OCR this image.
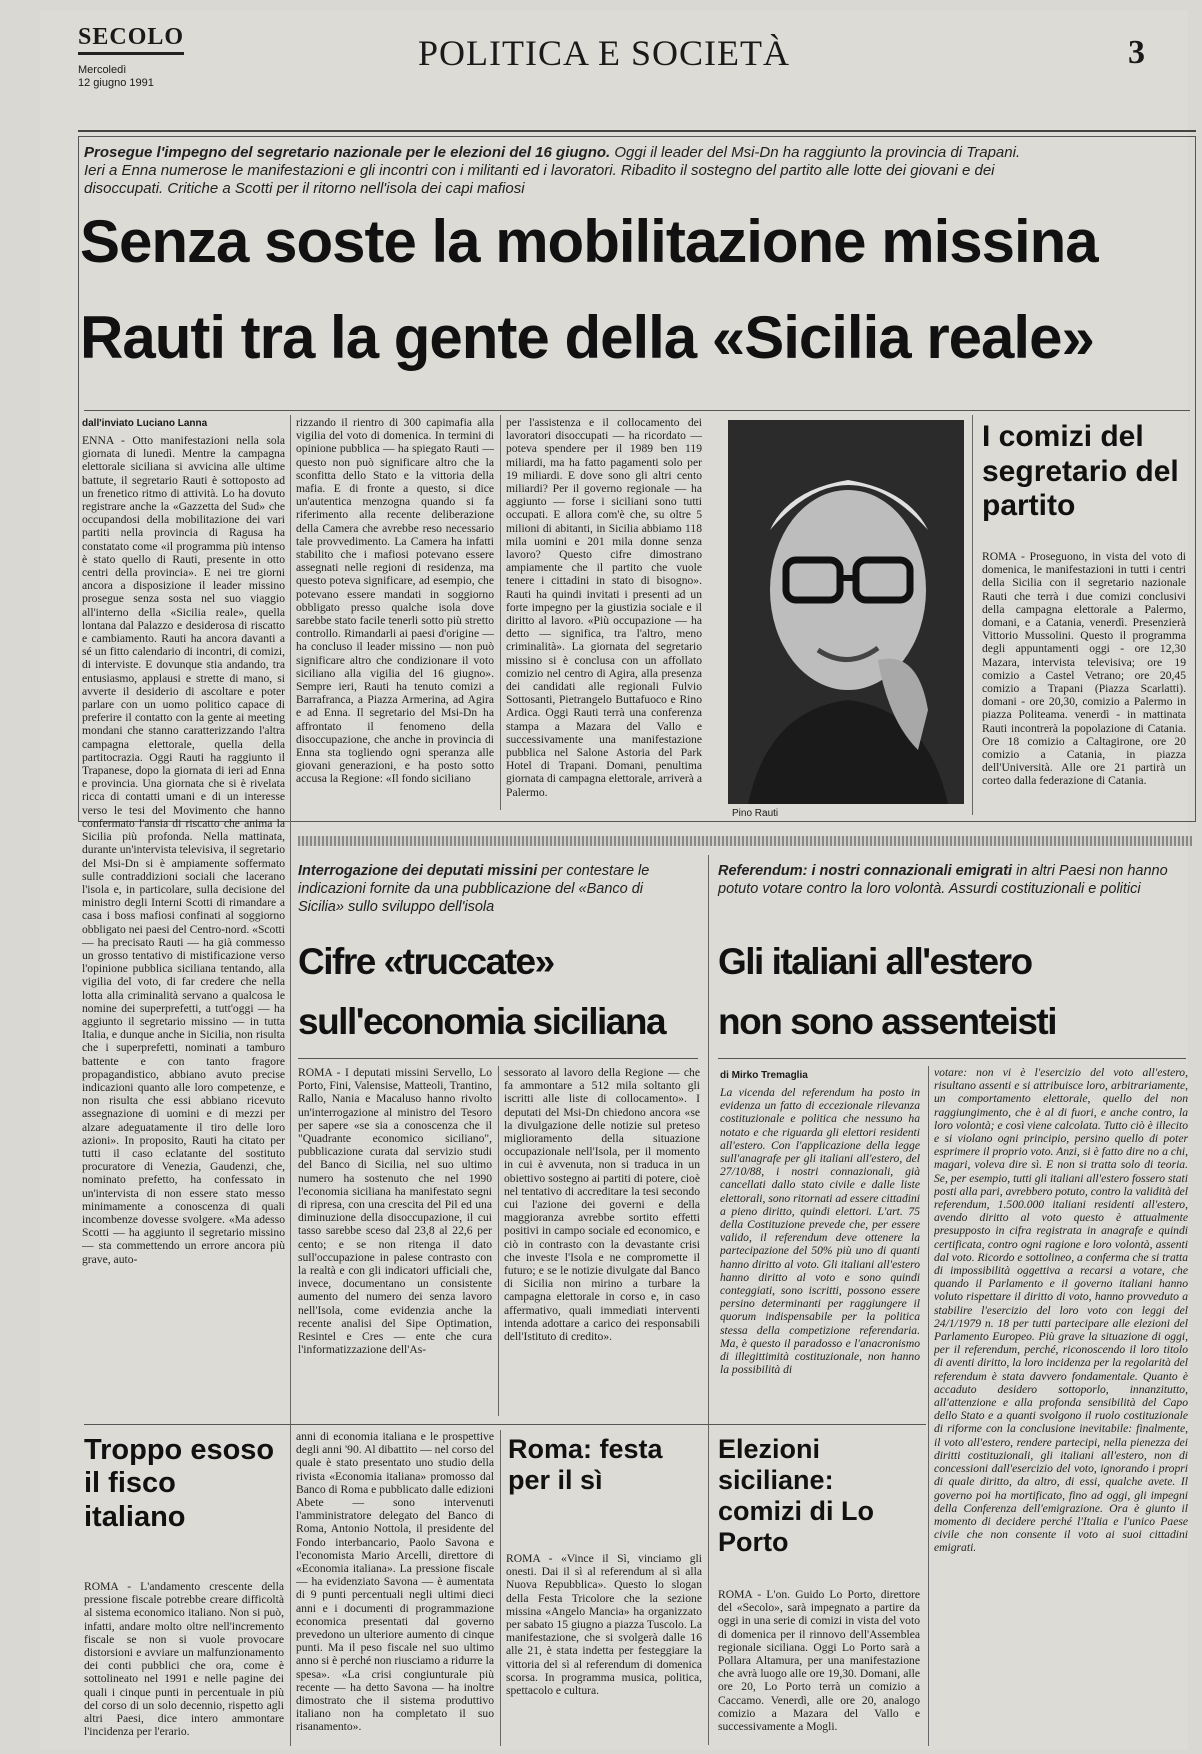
SECOLO
Mercoledì
12 giugno 1991
POLITICA E SOCIETÀ	3
Prosegue l'impegno del segretario nazionale per le elezioni del 16 giugno. Oggi il leader del Msi-Dn ha raggiunto la provincia di Trapani. Ieri a Enna numerose le manifestazioni e gli incontri con i militanti ed i lavoratori. Ribadito il sostegno del partito alle lotte dei giovani e dei disoccupati. Critiche a Scotti per il ritorno nell'isola dei capi mafiosi
Senza soste la mobilitazione missina
Rauti tra la gente della «Sicilia reale»
dall'inviato Luciano Lanna
ENNA - Otto manifestazioni nella sola giornata di lunedì. Mentre la campagna elettorale siciliana si avvicina alle ultime battute, il segretario Rauti è sottoposto ad un frenetico ritmo di attività. Lo ha dovuto registrare anche la «Gazzetta del Sud» che occupandosi della mobilitazione dei vari partiti nella provincia di Ragusa ha constatato come «il programma più intenso è stato quello di Rauti, presente in otto centri della provincia». E nei tre giorni ancora a disposizione il leader missino prosegue senza sosta nel suo viaggio all'interno della «Sicilia reale», quella lontana dal Palazzo e desiderosa di riscatto e cambiamento. Rauti ha ancora davanti a sé un fitto calendario di incontri, di comizi, di interviste. E dovunque stia andando, tra entusiasmo, applausi e strette di mano, si avverte il desiderio di ascoltare e poter parlare con un uomo politico capace di preferire il contatto con la gente ai meeting mondani che stanno caratterizzando l'altra campagna elettorale, quella della partitocrazia. Oggi Rauti ha raggiunto il Trapanese, dopo la giornata di ieri ad Enna e provincia. Una giornata che si è rivelata ricca di contatti umani e di un interesse verso le tesi del Movimento che hanno confermato l'ansia di riscatto che anima la Sicilia più profonda. Nella mattinata, durante un'intervista televisiva, il segretario del Msi-Dn si è ampiamente soffermato sulle contraddizioni sociali che lacerano l'isola e, in particolare, sulla decisione del ministro degli Interni Scotti di rimandare a casa i boss mafiosi confinati al soggiorno obbligato nei paesi del Centro-nord. «Scotti — ha precisato Rauti — ha già commesso un grosso tentativo di mistificazione verso l'opinione pubblica siciliana tentando, alla vigilia del voto, di far credere che nella lotta alla criminalità servano a qualcosa le nomine dei superprefetti, a tutt'oggi — ha aggiunto il segretario missino — in tutta Italia, e dunque anche in Sicilia, non risulta che i superprefetti, nominati a tamburo battente e con tanto fragore propagandistico, abbiano avuto precise indicazioni quanto alle loro competenze, e non risulta che essi abbiano ricevuto assegnazione di uomini e di mezzi per alzare adeguatamente il tiro delle loro azioni». In proposito, Rauti ha citato per tutti il caso eclatante del sostituto procuratore di Venezia, Gaudenzi, che, nominato prefetto, ha confessato in un'intervista di non essere stato messo minimamente a conoscenza di quali incombenze dovesse svolgere. «Ma adesso Scotti — ha aggiunto il segretario missino — sta commettendo un errore ancora più grave, auto-
rizzando il rientro di 300 capimafia alla vigilia del voto di domenica. In termini di opinione pubblica — ha spiegato Rauti — questo non può significare altro che la sconfitta dello Stato e la vittoria della mafia. E di fronte a questo, si dice un'autentica menzogna quando si fa riferimento alla recente deliberazione della Camera che avrebbe reso necessario tale provvedimento. La Camera ha infatti stabilito che i mafiosi potevano essere assegnati nelle regioni di residenza, ma questo poteva significare, ad esempio, che potevano essere mandati in soggiorno obbligato presso qualche isola dove sarebbe stato facile tenerli sotto più stretto controllo. Rimandarli ai paesi d'origine — ha concluso il leader missino — non può significare altro che condizionare il voto siciliano alla vigilia del 16 giugno». Sempre ieri, Rauti ha tenuto comizi a Barrafranca, a Piazza Armerina, ad Agira e ad Enna. Il segretario del Msi-Dn ha affrontato il fenomeno della disoccupazione, che anche in provincia di Enna sta togliendo ogni speranza alle giovani generazioni, e ha posto sotto accusa la Regione: «Il fondo siciliano
per l'assistenza e il collocamento dei lavoratori disoccupati — ha ricordato — poteva spendere per il 1989 ben 119 miliardi, ma ha fatto pagamenti solo per 19 miliardi. E dove sono gli altri cento miliardi? Per il governo regionale — ha aggiunto — forse i siciliani sono tutti occupati. E allora com'è che, su oltre 5 milioni di abitanti, in Sicilia abbiamo 118 mila uomini e 201 mila donne senza lavoro? Questo cifre dimostrano ampiamente che il partito che vuole tenere i cittadini in stato di bisogno». Rauti ha quindi invitati i presenti ad un forte impegno per la giustizia sociale e il diritto al lavoro. «Più occupazione — ha detto — significa, tra l'altro, meno criminalità». La giornata del segretario missino si è conclusa con un affollato comizio nel centro di Agira, alla presenza dei candidati alle regionali Fulvio Sottosanti, Pietrangelo Buttafuoco e Rino Ardica. Oggi Rauti terrà una conferenza stampa a Mazara del Vallo e successivamente una manifestazione pubblica nel Salone Astoria del Park Hotel di Trapani. Domani, penultima giornata di campagna elettorale, arriverà a Palermo.
Pino Rauti
I comizi del segretario del partito
ROMA - Proseguono, in vista del voto di domenica, le manifestazioni in tutti i centri della Sicilia con il segretario nazionale Rauti che terrà i due comizi conclusivi della campagna elettorale a Palermo, domani, e a Catania, venerdì. Presenzierà Vittorio Mussolini. Questo il programma degli appuntamenti oggi - ore 12,30 Mazara, intervista televisiva; ore 19 comizio a Castel Vetrano; ore 20,45 comizio a Trapani (Piazza Scarlatti). domani - ore 20,30, comizio a Palermo in piazza Politeama. venerdì - in mattinata Rauti incontrerà la popolazione di Catania. Ore 18 comizio a Caltagirone, ore 20 comizio a Catania, in piazza dell'Università. Alle ore 21 partirà un corteo dalla federazione di Catania.
Interrogazione dei deputati missini per contestare le indicazioni fornite da una pubblicazione del «Banco di Sicilia» sullo sviluppo dell'isola
Cifre «truccate»
sull'economia siciliana
ROMA - I deputati missini Servello, Lo Porto, Fini, Valensise, Matteoli, Trantino, Rallo, Nania e Macaluso hanno rivolto un'interrogazione al ministro del Tesoro per sapere «se sia a conoscenza che il "Quadrante economico siciliano", pubblicazione curata dal servizio studi del Banco di Sicilia, nel suo ultimo numero ha sostenuto che nel 1990 l'economia siciliana ha manifestato segni di ripresa, con una crescita del Pil ed una diminuzione della disoccupazione, il cui tasso sarebbe sceso dal 23,8 al 22,6 per cento; e se non ritenga il dato sull'occupazione in palese contrasto con la realtà e con gli indicatori ufficiali che, invece, documentano un consistente aumento del numero dei senza lavoro nell'Isola, come evidenzia anche la recente analisi del Sipe Optimation, Resintel e Cres — ente che cura l'informatizzazione dell'As-
sessorato al lavoro della Regione — che fa ammontare a 512 mila soltanto gli iscritti alle liste di collocamento». I deputati del Msi-Dn chiedono ancora «se la divulgazione delle notizie sul preteso miglioramento della situazione occupazionale nell'Isola, per il momento in cui è avvenuta, non si traduca in un obiettivo sostegno ai partiti di potere, cioè nel tentativo di accreditare la tesi secondo cui l'azione dei governi e della maggioranza avrebbe sortito effetti positivi in campo sociale ed economico, e ciò in contrasto con la devastante crisi che investe l'Isola e ne compromette il futuro; e se le notizie divulgate dal Banco di Sicilia non mirino a turbare la campagna elettorale in corso e, in caso affermativo, quali immediati interventi intenda adottare a carico dei responsabili dell'Istituto di credito».
Referendum: i nostri connazionali emigrati in altri Paesi non hanno potuto votare contro la loro volontà. Assurdi costituzionali e politici
Gli italiani all'estero
non sono assenteisti
di Mirko Tremaglia
La vicenda del referendum ha posto in evidenza un fatto di eccezionale rilevanza costituzionale e politica che nessuno ha notato e che riguarda gli elettori residenti all'estero. Con l'applicazione della legge sull'anagrafe per gli italiani all'estero, del 27/10/88, i nostri connazionali, già cancellati dallo stato civile e dalle liste elettorali, sono ritornati ad essere cittadini a pieno diritto, quindi elettori. L'art. 75 della Costituzione prevede che, per essere valido, il referendum deve ottenere la partecipazione del 50% più uno di quanti hanno diritto al voto. Gli italiani all'estero hanno diritto al voto e sono quindi conteggiati, sono iscritti, possono essere persino determinanti per raggiungere il quorum indispensabile per la politica stessa della competizione referendaria. Ma, è questo il paradosso e l'anacronismo di illegittimità costituzionale, non hanno la possibilità di
votare: non vi è l'esercizio del voto all'estero, risultano assenti e si attribuisce loro, arbitrariamente, un comportamento elettorale, quello del non raggiungimento, che è al di fuori, e anche contro, la loro volontà; e così viene calcolata. Tutto ciò è illecito e si violano ogni principio, persino quello di poter esprimere il proprio voto. Anzi, si è fatto dire no a chi, magari, voleva dire sì. E non si tratta solo di teoria. Se, per esempio, tutti gli italiani all'estero fossero stati posti alla pari, avrebbero potuto, contro la validità del referendum, 1.500.000 italiani residenti all'estero, avendo diritto al voto questo è attualmente presupposto in cifra registrata in anagrafe e quindi certificata, contro ogni ragione e loro volontà, assenti dal voto. Ricordo e sottolineo, a conferma che si tratta di impossibilità oggettiva a recarsi a votare, che quando il Parlamento e il governo italiani hanno voluto rispettare il diritto di voto, hanno provveduto a stabilire l'esercizio del loro voto con leggi del 24/1/1979 n. 18 per tutti partecipare alle elezioni del Parlamento Europeo. Più grave la situazione di oggi, per il referendum, perché, riconoscendo il loro titolo di aventi diritto, la loro incidenza per la regolarità del referendum è stata davvero fondamentale. Quanto è accaduto desidero sottoporlo, innanzitutto, all'attenzione e alla profonda sensibilità del Capo dello Stato e a quanti svolgono il ruolo costituzionale di riforme con la conclusione inevitabile: finalmente, il voto all'estero, rendere partecipi, nella pienezza dei diritti costituzionali, gli italiani all'estero, non di concessioni dall'esercizio del voto, ignorando i propri di quale diritto, da altro, di essi, qualche avete. Il governo poi ha mortificato, fino ad oggi, gli impegni della Conferenza dell'emigrazione. Ora è giunto il momento di decidere perché l'Italia e l'unico Paese civile che non consente il voto ai suoi cittadini emigrati.
Troppo esoso il fisco italiano
ROMA - L'andamento crescente della pressione fiscale potrebbe creare difficoltà al sistema economico italiano. Non si può, infatti, andare molto oltre nell'incremento fiscale se non si vuole provocare distorsioni e avviare un malfunzionamento dei conti pubblici che ora, come è sottolineato nel 1991 e nelle pagine dei quali i cinque punti in percentuale in più del corso di un solo decennio, rispetto agli altri Paesi, dice intero ammontare l'incidenza per l'erario.
anni di economia italiana e le prospettive degli anni '90. Al dibattito — nel corso del quale è stato presentato uno studio della rivista «Economia italiana» promosso dal Banco di Roma e pubblicato dalle edizioni Abete — sono intervenuti l'amministratore delegato del Banco di Roma, Antonio Nottola, il presidente del Fondo interbancario, Paolo Savona e l'economista Mario Arcelli, direttore di «Economia italiana». La pressione fiscale — ha evidenziato Savona — è aumentata di 9 punti percentuali negli ultimi dieci anni e i documenti di programmazione economica presentati dal governo prevedono un ulteriore aumento di cinque punti. Ma il peso fiscale nel suo ultimo anno si è perché non riusciamo a ridurre la spesa». «La crisi congiunturale più recente — ha detto Savona — ha inoltre dimostrato che il sistema produttivo italiano non ha completato il suo risanamento».
Roma: festa per il sì
ROMA - «Vince il Sì, vinciamo gli onesti. Dai il sì al referendum al sì alla Nuova Repubblica». Questo lo slogan della Festa Tricolore che la sezione missina «Angelo Mancia» ha organizzato per sabato 15 giugno a piazza Tuscolo. La manifestazione, che si svolgerà dalle 16 alle 21, è stata indetta per festeggiare la vittoria del sì al referendum di domenica scorsa. In programma musica, politica, spettacolo e cultura.
Elezioni siciliane: comizi di Lo Porto
ROMA - L'on. Guido Lo Porto, direttore del «Secolo», sarà impegnato a partire da oggi in una serie di comizi in vista del voto di domenica per il rinnovo dell'Assemblea regionale siciliana. Oggi Lo Porto sarà a Pollara Altamura, per una manifestazione che avrà luogo alle ore 19,30. Domani, alle ore 20, Lo Porto terrà un comizio a Caccamo. Venerdì, alle ore 20, analogo comizio a Mazara del Vallo e successivamente a Mogli.
